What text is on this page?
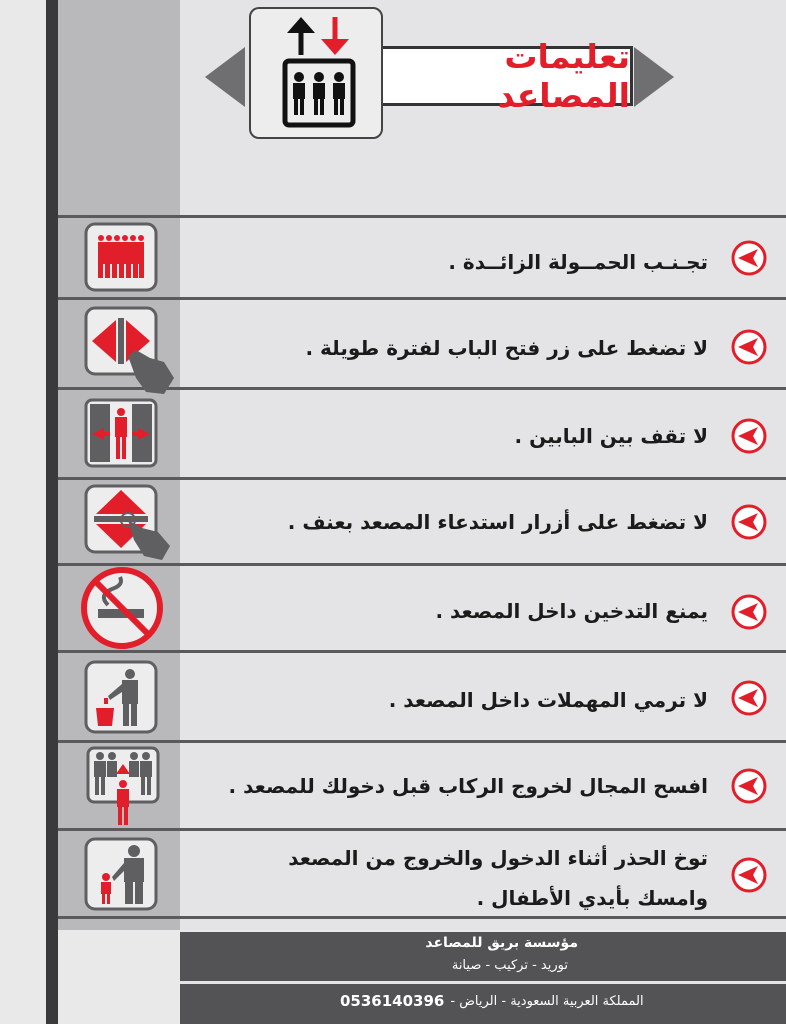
تعليمات المصاعد
تجـنـب الحمــولة الزائــدة .
لا تضغط على زر فتح الباب لفترة طويلة .
لا تقف بين البابين .
لا تضغط على أزرار استدعاء المصعد بعنف .
يمنع التدخين داخل المصعد .
لا ترمي المهملات داخل المصعد .
افسح المجال لخروج الركاب قبل دخولك للمصعد .
توخ الحذر أثناء الدخول والخروج من المصعد
وامسك بأيدي الأطفال .
مؤسسة بريق للمصاعد
توريد - تركيب - صيانة
0536140396 المملكة العربية السعودية - الرياض -
